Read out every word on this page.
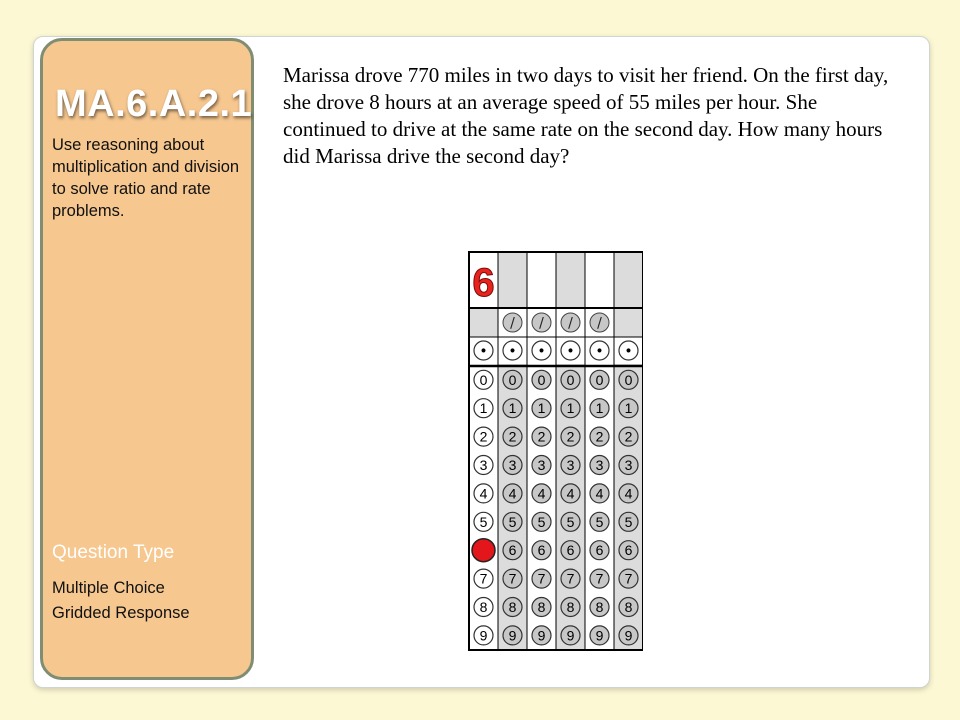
MA.6.A.2.1

Use reasoning about multiplication and division to solve ratio and rate problems.

Question Type

Multiple Choice

Gridded Response

Marissa drove 770 miles in two days to visit her friend. On the first day, she drove 8 hours at an average speed of 55 miles per hour. She continued to drive at the same rate on the second day. How many hours did Marissa drive the second day?

6
/ / / /
• • • • • •
0 0 0 0 0 0
1 1 1 1 1 1
2 2 2 2 2 2
3 3 3 3 3 3
4 4 4 4 4 4
5 5 5 5 5 5
6 6 6 6 6
7 7 7 7 7 7
8 8 8 8 8 8
9 9 9 9 9 9
